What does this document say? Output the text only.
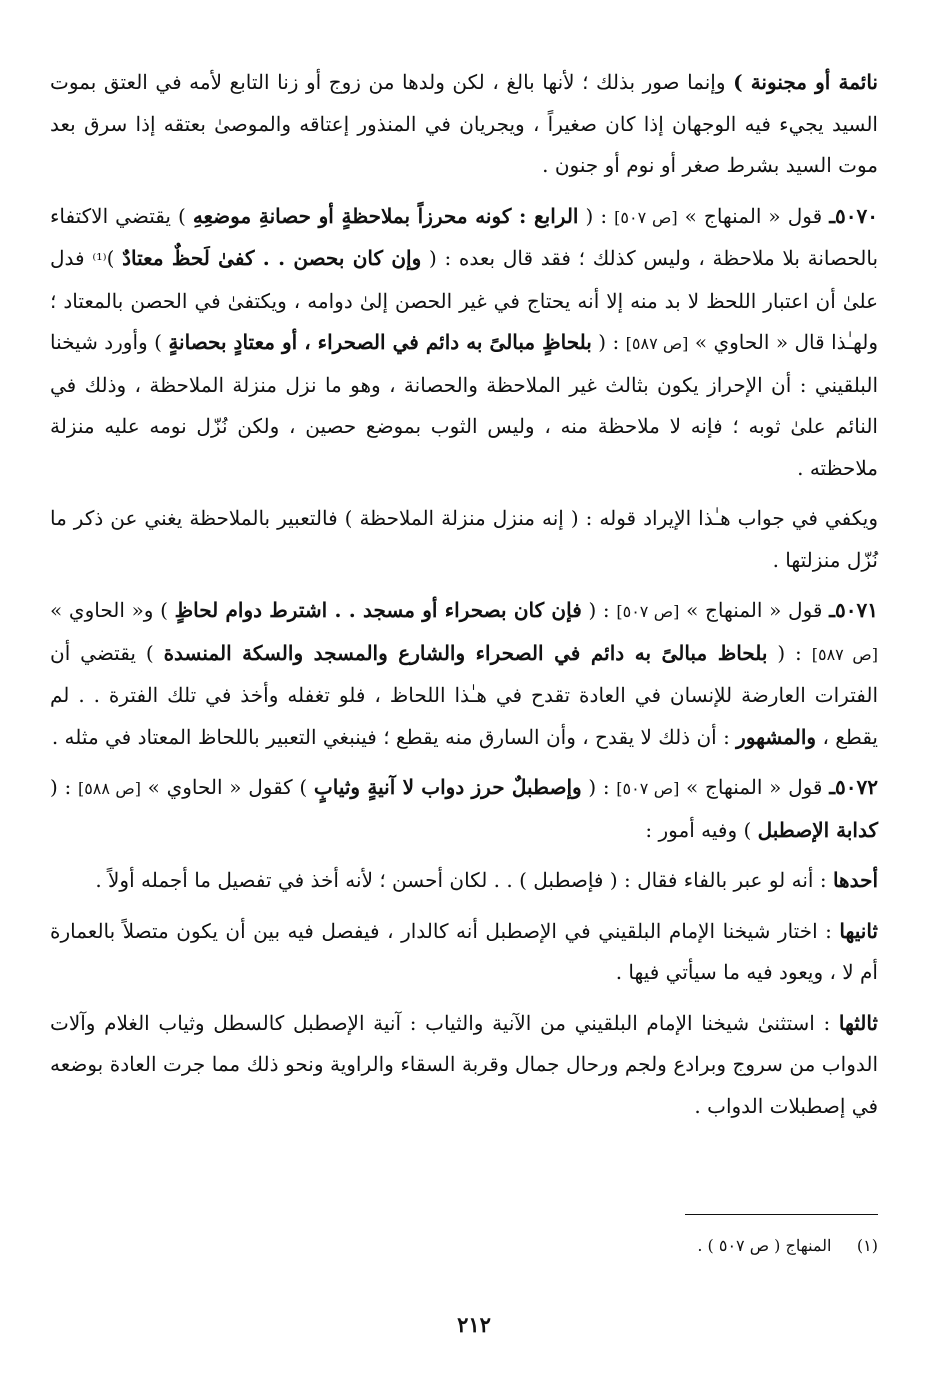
نائمة أو مجنونة ) وإنما صور بذلك ؛ لأنها بالغ ، لكن ولدها من زوج أو زنا التابع لأمه في العتق بموت السيد يجيء فيه الوجهان إذا كان صغيراً ، ويجريان في المنذور إعتاقه والموصىٰ بعتقه إذا سرق بعد موت السيد بشرط صغر أو نوم أو جنون .

٥٠٧٠ـ قول « المنهاج » [ص ٥٠٧] : ( الرابع : كونه محرزاً بملاحظةٍ أو حصانةِ موضعِهِ ) يقتضي الاكتفاء بالحصانة بلا ملاحظة ، وليس كذلك ؛ فقد قال بعده : ( وإن كان بحصن . . كفىٰ لَحظٌ معتادٌ )⁽¹⁾ فدل علىٰ أن اعتبار اللحظ لا بد منه إلا أنه يحتاج في غير الحصن إلىٰ دوامه ، ويكتفىٰ في الحصن بالمعتاد ؛ ولهـٰذا قال « الحاوي » [ص ٥٨٧] : ( بلحاظٍ مبالىً به دائم في الصحراء ، أو معتادٍ بحصانةٍ ) وأورد شيخنا البلقيني : أن الإحراز يكون بثالث غير الملاحظة والحصانة ، وهو ما نزل منزلة الملاحظة ، وذلك في النائم علىٰ ثوبه ؛ فإنه لا ملاحظة منه ، وليس الثوب بموضع حصين ، ولكن نُزّل نومه عليه منزلة ملاحظته .

ويكفي في جواب هـٰذا الإيراد قوله : ( إنه منزل منزلة الملاحظة ) فالتعبير بالملاحظة يغني عن ذكر ما نُزّل منزلتها .

٥٠٧١ـ قول « المنهاج » [ص ٥٠٧] : ( فإن كان بصحراء أو مسجد . . اشترط دوام لحاظٍ ) و« الحاوي » [ص ٥٨٧] : ( بلحاظ مبالىً به دائم في الصحراء والشارع والمسجد والسكة المنسدة ) يقتضي أن الفترات العارضة للإنسان في العادة تقدح في هـٰذا اللحاظ ، فلو تغفله وأخذ في تلك الفترة . . لم يقطع ، والمشهور : أن ذلك لا يقدح ، وأن السارق منه يقطع ؛ فينبغي التعبير باللحاظ المعتاد في مثله .

٥٠٧٢ـ قول « المنهاج » [ص ٥٠٧] : ( وإصطبلٌ حرز دواب لا آنيةٍ وثيابٍ ) كقول « الحاوي » [ص ٥٨٨] : ( كدابة الإصطبل ) وفيه أمور :

أحدها : أنه لو عبر بالفاء فقال : ( فإصطبل ) . . لكان أحسن ؛ لأنه أخذ في تفصيل ما أجمله أولاً .

ثانيها : اختار شيخنا الإمام البلقيني في الإصطبل أنه كالدار ، فيفصل فيه بين أن يكون متصلاً بالعمارة أم لا ، ويعود فيه ما سيأتي فيها .

ثالثها : استثنىٰ شيخنا الإمام البلقيني من الآنية والثياب : آنية الإصطبل كالسطل وثياب الغلام وآلات الدواب من سروج وبرادع ولجم ورحال جمال وقربة السقاء والراوية ونحو ذلك مما جرت العادة بوضعه في إصطبلات الدواب .

(١)     المنهاج ( ص ٥٠٧ ) .
٢١٢
